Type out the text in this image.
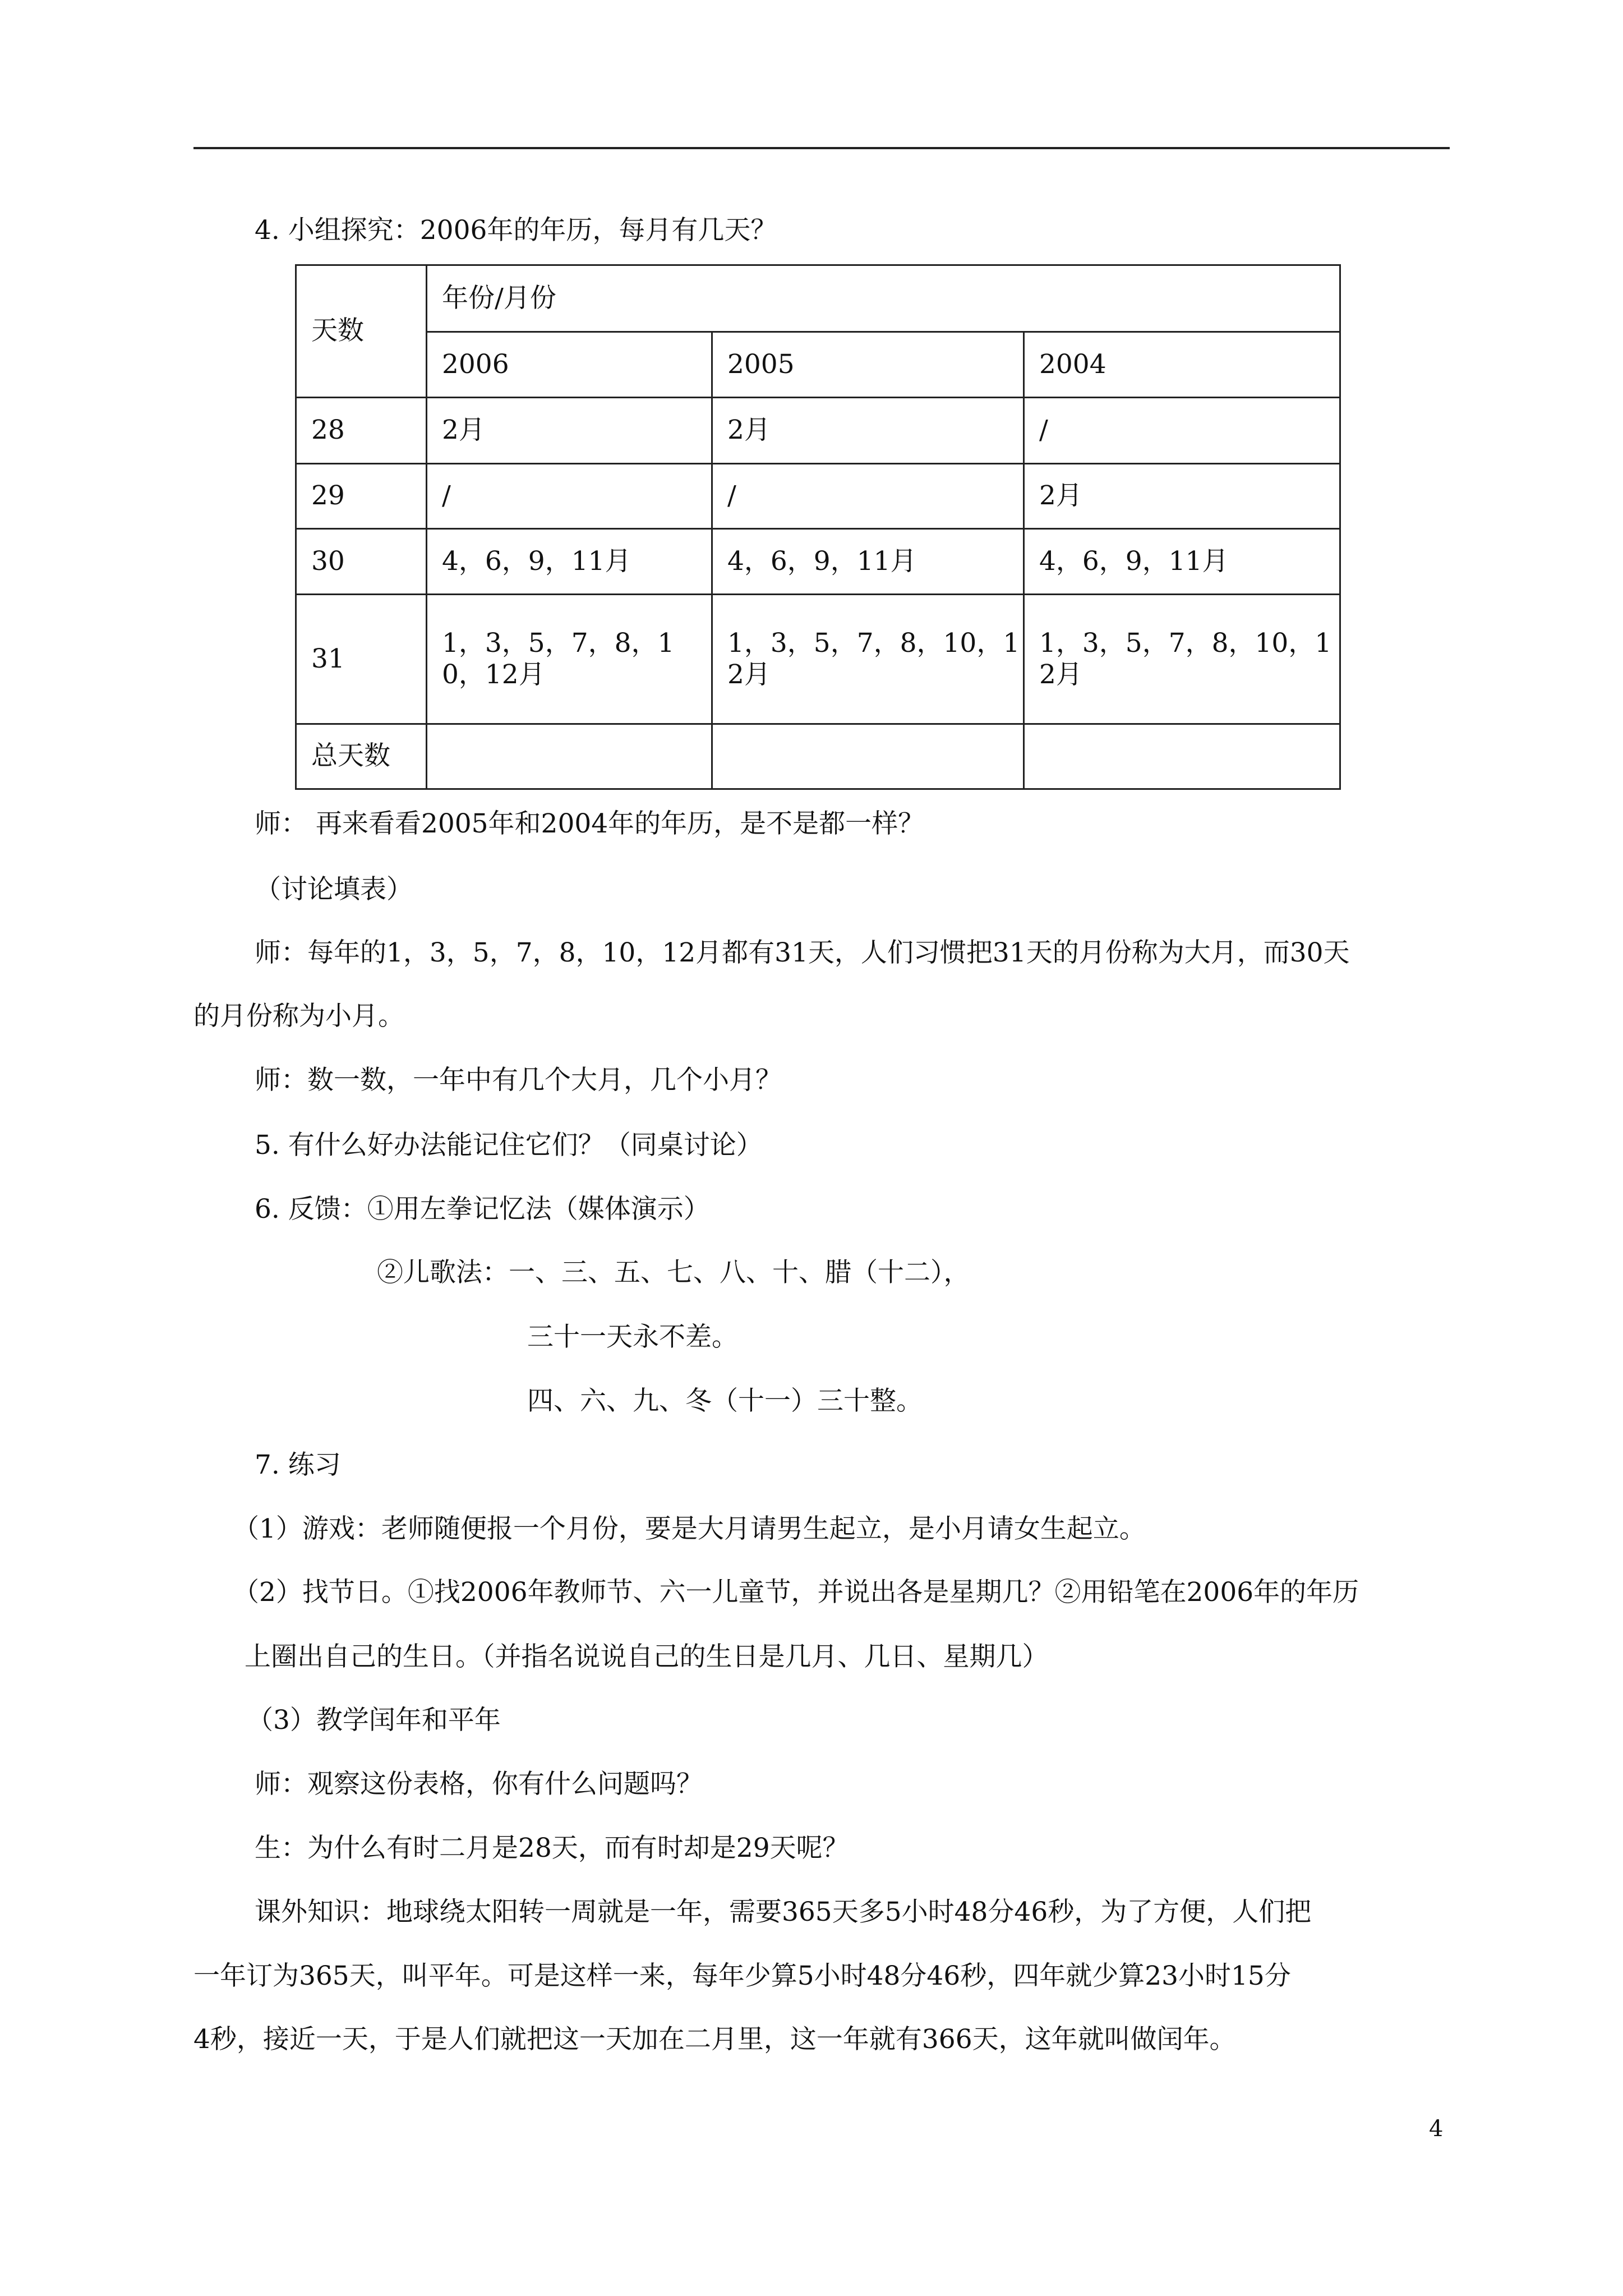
4. 小组探究：2006年的年历，每月有几天？
天数	年份/月份		
	2006	2005	2004
28	2月	2月	/
29	/	/	2月
30	4，6，9，11月	4，6，9，11月	4，6，9，11月
31	1，3，5，7，8，10，12月	1，3，5，7，8，10，12月	1，3，5，7，8，10，12月
总天数			
师： 再来看看2005年和2004年的年历，是不是都一样？
（讨论填表）
师：每年的1，3，5，7，8，10，12月都有31天，人们习惯把31天的月份称为大月，而30天
的月份称为小月。
师：数一数，一年中有几个大月，几个小月？
5. 有什么好办法能记住它们？（同桌讨论）
6. 反馈：①用左拳记忆法（媒体演示）
②儿歌法：一、三、五、七、八、十、腊（十二），
三十一天永不差。
四、六、九、冬（十一）三十整。
7. 练习
（1）游戏：老师随便报一个月份，要是大月请男生起立，是小月请女生起立。
（2）找节日。①找2006年教师节、六一儿童节，并说出各是星期几？②用铅笔在2006年的年历
上圈出自己的生日。（并指名说说自己的生日是几月、几日、星期几）
（3）教学闰年和平年
师：观察这份表格，你有什么问题吗？
生：为什么有时二月是28天，而有时却是29天呢？
课外知识：地球绕太阳转一周就是一年，需要365天多5小时48分46秒，为了方便，人们把
一年订为365天，叫平年。可是这样一来，每年少算5小时48分46秒，四年就少算23小时15分
4秒，接近一天，于是人们就把这一天加在二月里，这一年就有366天，这年就叫做闰年。
4
